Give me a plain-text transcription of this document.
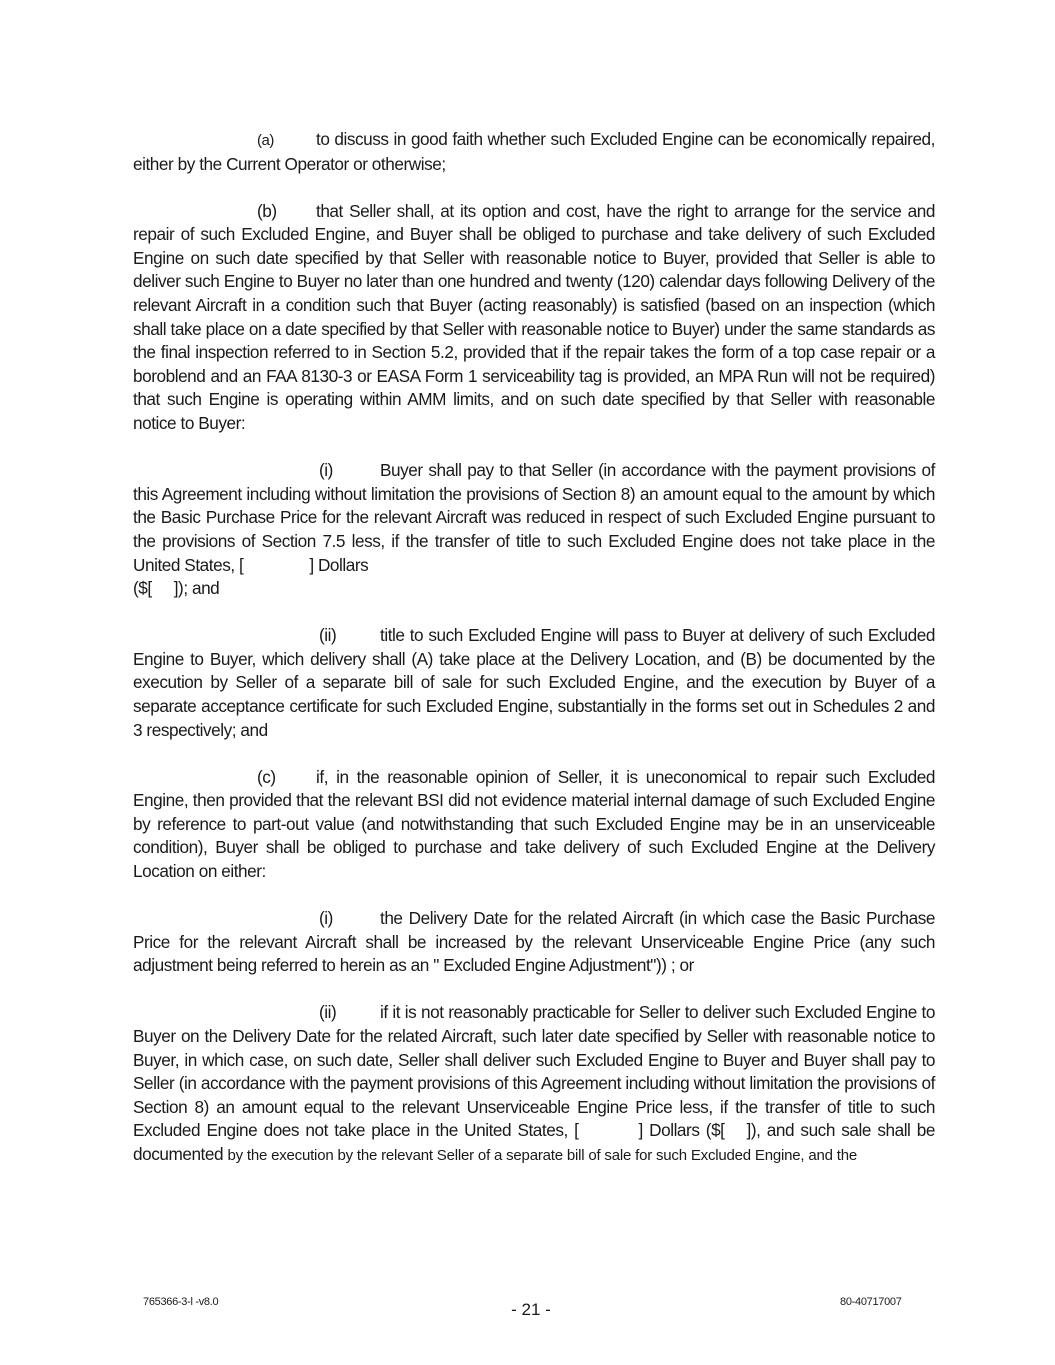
(a) to discuss in good faith whether such Excluded Engine can be economically repaired, either by the Current Operator or otherwise;

(b) that Seller shall, at its option and cost, have the right to arrange for the service and repair of such Excluded Engine, and Buyer shall be obliged to purchase and take delivery of such Excluded Engine on such date specified by that Seller with reasonable notice to Buyer, provided that Seller is able to deliver such Engine to Buyer no later than one hundred and twenty (120) calendar days following Delivery of the relevant Aircraft in a condition such that Buyer (acting reasonably) is satisfied (based on an inspection (which shall take place on a date specified by that Seller with reasonable notice to Buyer) under the same standards as the final inspection referred to in Section 5.2, provided that if the repair takes the form of a top case repair or a boroblend and an FAA 8130-3 or EASA Form 1 serviceability tag is provided, an MPA Run will not be required) that such Engine is operating within AMM limits, and on such date specified by that Seller with reasonable notice to Buyer:

(i)	Buyer shall pay to that Seller (in accordance with the payment provisions of this Agreement including without limitation the provisions of Section 8) an amount equal to the amount by which the Basic Purchase Price for the relevant Aircraft was reduced in respect of such Excluded Engine pursuant to the provisions of Section 7.5 less, if the transfer of title to such Excluded Engine does not take place in the United States, [	] Dollars
($[ ]); and

(ii)	title to such Excluded Engine will pass to Buyer at delivery of such Excluded Engine to Buyer, which delivery shall (A) take place at the Delivery Location, and (B) be documented by the execution by Seller of a separate bill of sale for such Excluded Engine, and the execution by Buyer of a separate acceptance certificate for such Excluded Engine, substantially in the forms set out in Schedules 2 and 3 respectively; and

(c) if, in the reasonable opinion of Seller, it is uneconomical to repair such Excluded Engine, then provided that the relevant BSI did not evidence material internal damage of such Excluded Engine by reference to part-out value (and notwithstanding that such Excluded Engine may be in an unserviceable condition), Buyer shall be obliged to purchase and take delivery of such Excluded Engine at the Delivery Location on either:

(i)	the Delivery Date for the related Aircraft (in which case the Basic Purchase Price for the relevant Aircraft shall be increased by the relevant Unserviceable Engine Price (any such adjustment being referred to herein as an " Excluded Engine Adjustment")) ; or

(ii)	if it is not reasonably practicable for Seller to deliver such Excluded Engine to Buyer on the Delivery Date for the related Aircraft, such later date specified by Seller with reasonable notice to Buyer, in which case, on such date, Seller shall deliver such Excluded Engine to Buyer and Buyer shall pay to Seller (in accordance with the payment provisions of this Agreement including without limitation the provisions of Section 8) an amount equal to the relevant Unserviceable Engine Price less, if the transfer of title to such Excluded Engine does not take place in the United States, [	] Dollars ($[ ]), and such sale shall be documented by the execution by the relevant Seller of a separate bill of sale for such Excluded Engine, and the

765366-3-l -v8.0	- 21 -	80-40717007
